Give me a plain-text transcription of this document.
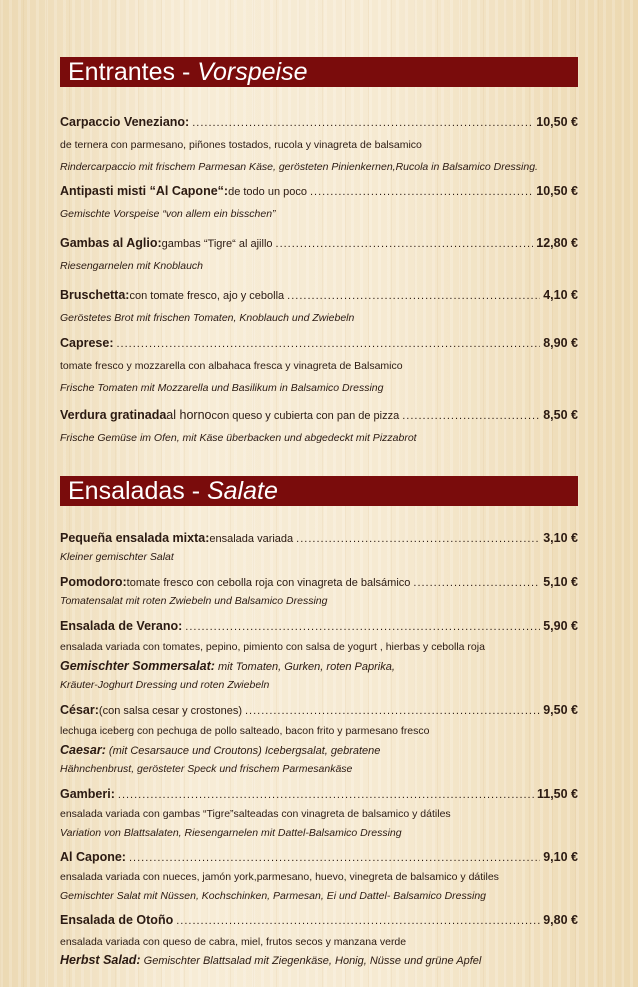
Entrantes - Vorspeise
Carpaccio Veneziano: .....	10,50 €
de ternera con parmesano, piñones tostados, rucola y vinagreta de balsamico
Rindercarpaccio mit frischem Parmesan Käse, gerösteten Pinienkernen,Rucola in Balsamico Dressing.
Antipasti misti “Al Capone“: de todo un poco .....	10,50 €
Gemischte Vorspeise “von allem ein bisschen”
Gambas al Aglio: gambas “Tigre“ al ajillo .....	12,80 €
Riesengarnelen mit Knoblauch
Bruschetta: con tomate fresco, ajo y cebolla .....	4,10 €
Geröstetes Brot mit frischen Tomaten, Knoblauch und Zwiebeln
Caprese: .....	8,90 €
tomate fresco y mozzarella con albahaca fresca y vinagreta de Balsamico
Frische Tomaten mit Mozzarella und Basilikum in Balsamico Dressing
Verdura gratinada al horno con queso y cubierta con pan de pizza .....	8,50 €
Frische Gemüse im Ofen, mit Käse überbacken und abgedeckt mit Pizzabrot
Ensaladas - Salate
Pequeña ensalada mixta: ensalada variada .....	3,10 €
Kleiner gemischter Salat
Pomodoro: tomate fresco con cebolla roja con vinagreta de balsámico .....	5,10 €
Tomatensalat mit roten Zwiebeln und Balsamico Dressing
Ensalada de Verano: .....	5,90 €
ensalada variada con tomates, pepino, pimiento con salsa de yogurt , hierbas y cebolla roja
Gemischter Sommersalat: mit Tomaten, Gurken, roten Paprika,
Kräuter-Joghurt Dressing und roten Zwiebeln
César: (con salsa cesar y crostones) .....	9,50 €
lechuga iceberg con pechuga de pollo salteado, bacon frito y parmesano fresco
Caesar: (mit Cesarsauce und Croutons) Icebergsalat, gebratene
Hähnchenbrust, gerösteter Speck und frischem Parmesankäse
Gamberi: .....	11,50 €
ensalada variada con gambas “Tigre”salteadas con vinagreta de balsamico y dátiles
Variation von Blattsalaten, Riesengarnelen mit Dattel-Balsamico Dressing
Al Capone: .....	9,10 €
ensalada variada con nueces, jamón york,parmesano, huevo, vinegreta de balsamico y dátiles
Gemischter Salat mit Nüssen, Kochschinken, Parmesan, Ei und Dattel- Balsamico Dressing
Ensalada de Otoño .....	9,80 €
ensalada variada con queso de cabra, miel, frutos secos y manzana verde
Herbst Salad: Gemischter Blattsalad mit Ziegenkäse, Honig, Nüsse und grüne Apfel
